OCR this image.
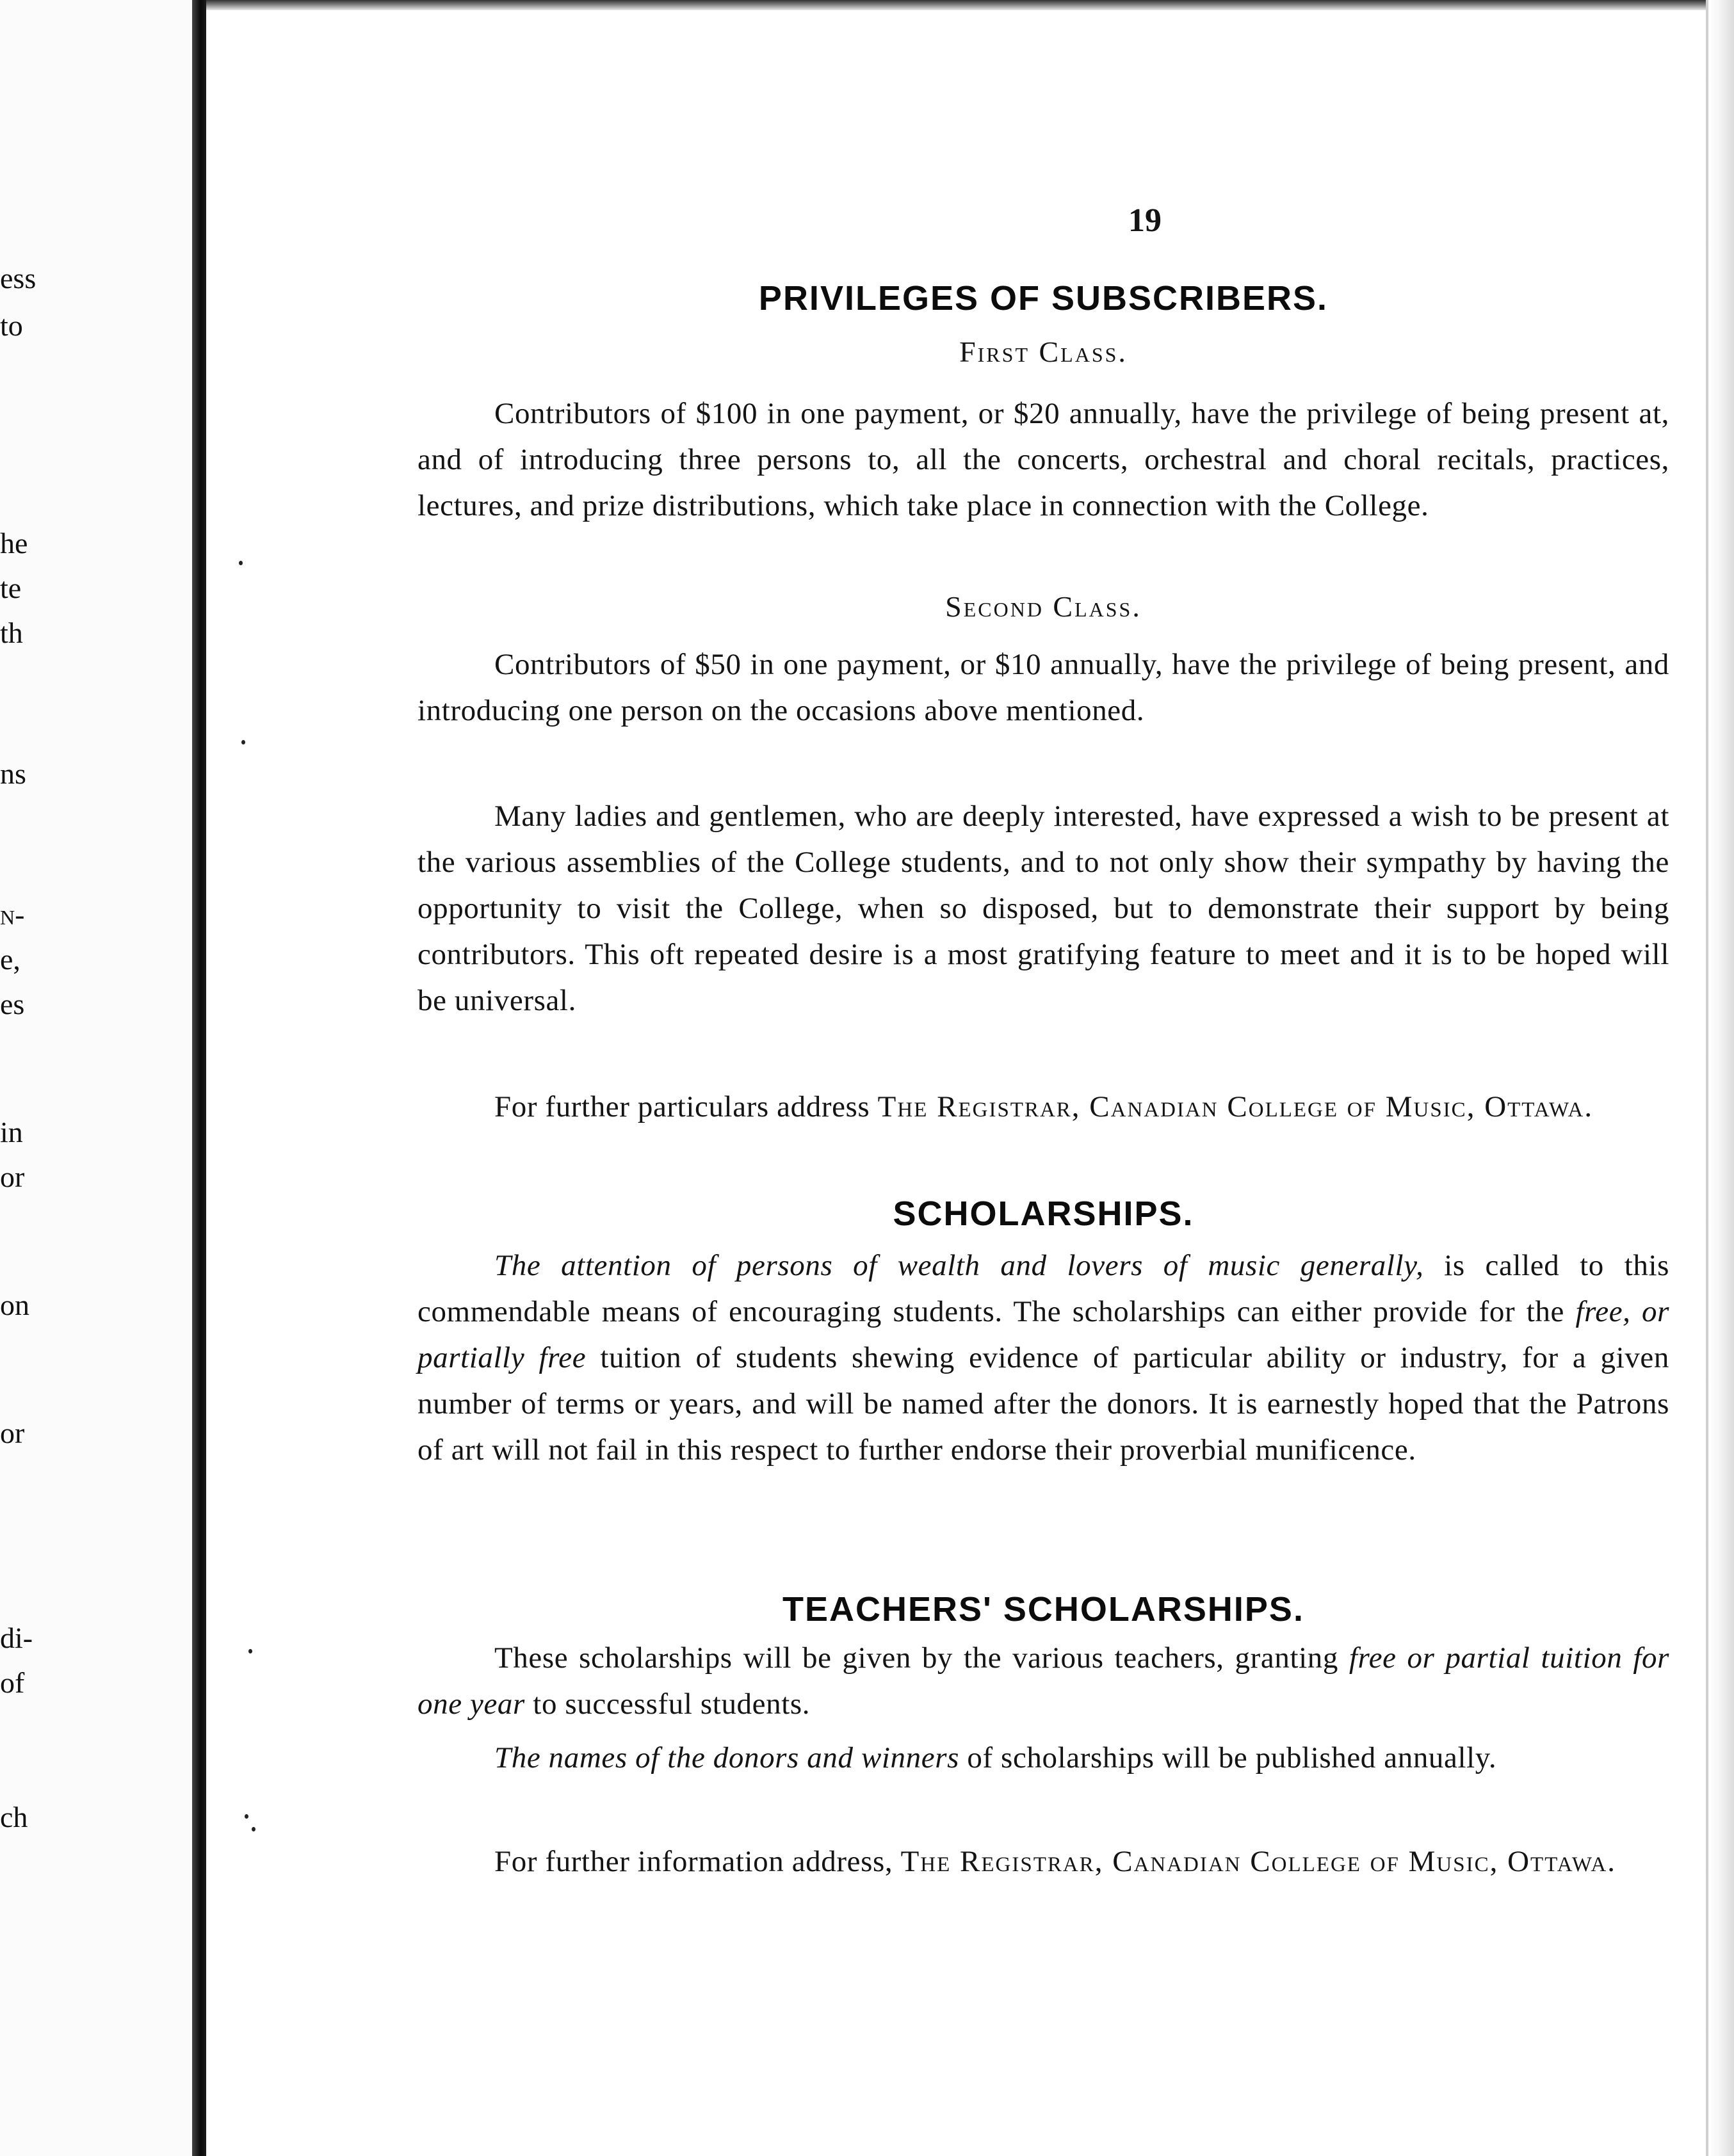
ess
to
he
te
th
ns
n-
e,
es
in
or
on
or
di-
of
ch
19
PRIVILEGES OF SUBSCRIBERS.
First Class.
Contributors of $100 in one payment, or $20 annually, have the privilege of being present at, and of introducing three persons to, all the concerts, orchestral and choral recitals, practices, lectures, and prize distributions, which take place in connection with the College.
Second Class.
Contributors of $50 in one payment, or $10 annually, have the privilege of being present, and introducing one person on the occasions above mentioned.
Many ladies and gentlemen, who are deeply interested, have expressed a wish to be present at the various assemblies of the College students, and to not only show their sympathy by having the opportunity to visit the College, when so disposed, but to demonstrate their support by being contributors. This oft repeated desire is a most gratifying feature to meet and it is to be hoped will be universal.
For further particulars address The Registrar, Canadian College of Music, Ottawa.
SCHOLARSHIPS.
The attention of persons of wealth and lovers of music generally, is called to this commendable means of encouraging students. The scholarships can either provide for the free, or partially free tuition of students shewing evidence of particular ability or industry, for a given number of terms or years, and will be named after the donors. It is earnestly hoped that the Patrons of art will not fail in this respect to further endorse their proverbial munificence.
TEACHERS' SCHOLARSHIPS.
These scholarships will be given by the various teachers, granting free or partial tuition for one year to successful students.
The names of the donors and winners of scholarships will be published annually.
For further information address, The Registrar, Canadian College of Music, Ottawa.
